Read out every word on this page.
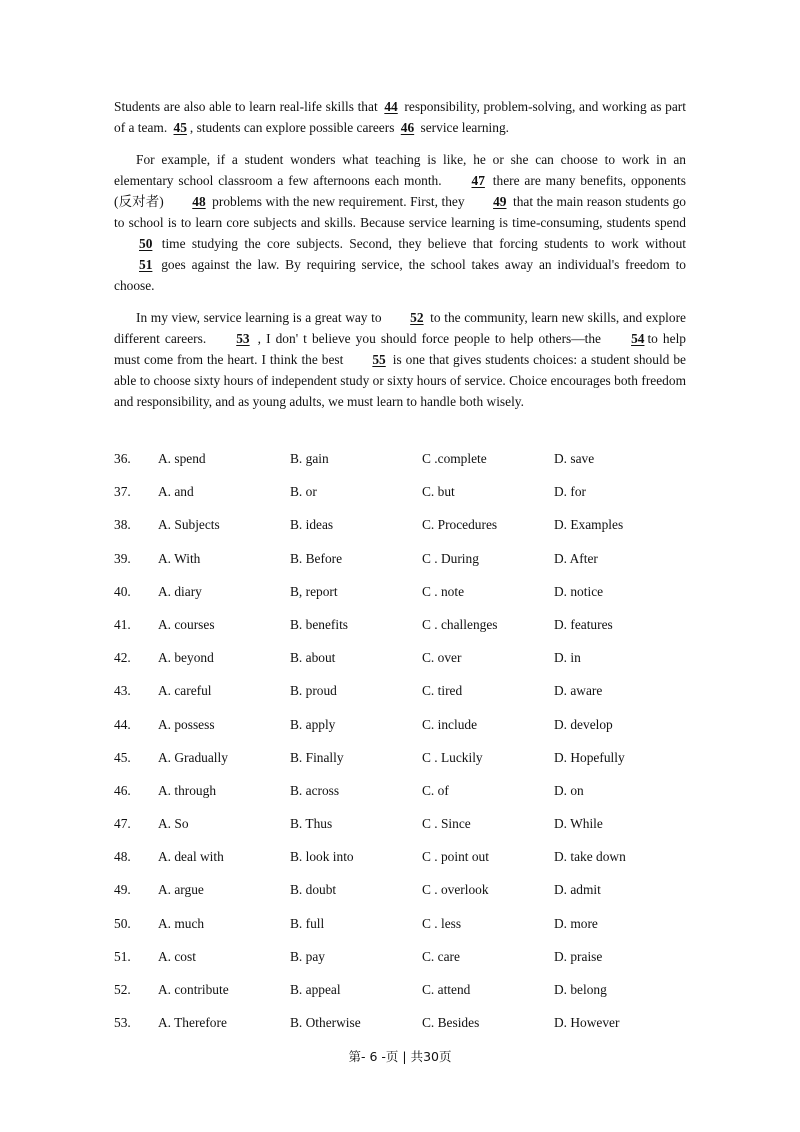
Students are also able to learn real-life skills that 44 responsibility, problem-solving, and working as part of a team. 45 , students can explore possible careers 46 service learning.

For example, if a student wonders what teaching is like, he or she can choose to work in an elementary school classroom a few afternoons each month. 47 there are many benefits, opponents (反对者) 48 problems with the new requirement. First, they 49 that the main reason students go to school is to learn core subjects and skills. Because service learning is time-consuming, students spend 50 time studying the core subjects. Second, they believe that forcing students to work without 51 goes against the law. By requiring service, the school takes away an individual's freedom to choose.

In my view, service learning is a great way to 52 to the community, learn new skills, and explore different careers. 53 , I don' t believe you should force people to help others—the 54 to help must come from the heart. I think the best 55 is one that gives students choices: a student should be able to choose sixty hours of independent study or sixty hours of service. Choice encourages both freedom and responsibility, and as young adults, we must learn to handle both wisely.

36. A. spend	B. gain	C .complete	D. save
37. A. and	B. or	C. but	D. for
38. A. Subjects	B. ideas	C. Procedures	D. Examples
39. A. With	B. Before	C . During	D. After
40. A. diary	B, report	C . note	D. notice
41. A. courses	B. benefits	C . challenges	D. features
42. A. beyond	B. about	C. over	D. in
43. A. careful	B. proud	C. tired	D. aware
44. A. possess	B. apply	C. include	D. develop
45. A. Gradually	B. Finally	C . Luckily	D. Hopefully
46. A. through	B. across	C. of	D. on
47. A. So	B. Thus	C . Since	D. While
48. A. deal with	B. look into	C . point out	D. take down
49. A. argue	B. doubt	C . overlook	D. admit
50. A. much	B. full	C . less	D. more
51. A. cost	B. pay	C. care	D. praise
52. A. contribute	B. appeal	C. attend	D. belong
53. A. Therefore	B. Otherwise	C. Besides	D. However
第- 6 -页 | 共30页
